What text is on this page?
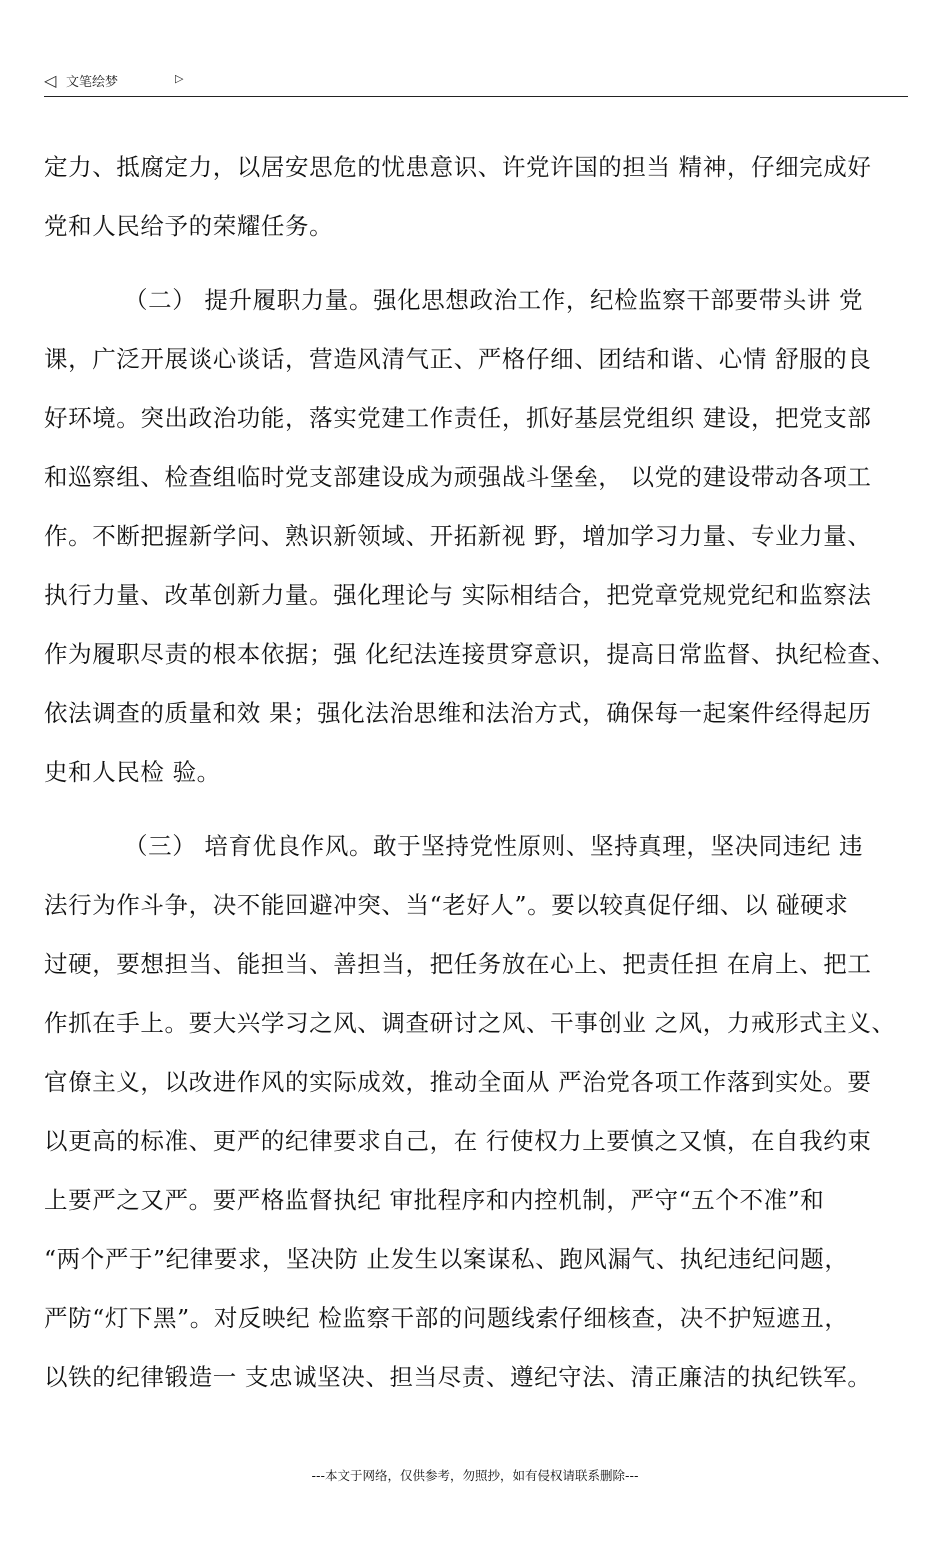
◁ 文笔绘梦	▷

定力、抵腐定力，以居安思危的忧患意识、许党许国的担当 精神，仔细完成好
党和人民给予的荣耀任务。

（二） 提升履职力量。强化思想政治工作，纪检监察干部要带头讲 党
课，广泛开展谈心谈话，营造风清气正、严格仔细、团结和谐、心情 舒服的良
好环境。突出政治功能，落实党建工作责任，抓好基层党组织 建设，把党支部
和巡察组、检查组临时党支部建设成为顽强战斗堡垒， 以党的建设带动各项工
作。不断把握新学问、熟识新领域、开拓新视 野，增加学习力量、专业力量、
执行力量、改革创新力量。强化理论与 实际相结合，把党章党规党纪和监察法
作为履职尽责的根本依据；强 化纪法连接贯穿意识，提高日常监督、执纪检查、
依法调查的质量和效 果；强化法治思维和法治方式，确保每一起案件经得起历
史和人民检 验。

（三） 培育优良作风。敢于坚持党性原则、坚持真理，坚决同违纪 违
法行为作斗争，决不能回避冲突、当“老好人”。要以较真促仔细、以 碰硬求
过硬，要想担当、能担当、善担当，把任务放在心上、把责任担 在肩上、把工
作抓在手上。要大兴学习之风、调查研讨之风、干事创业 之风，力戒形式主义、
官僚主义，以改进作风的实际成效，推动全面从 严治党各项工作落到实处。要
以更高的标准、更严的纪律要求自己，在 行使权力上要慎之又慎，在自我约束
上要严之又严。要严格监督执纪 审批程序和内控机制，严守“五个不准”和
“两个严于”纪律要求，坚决防 止发生以案谋私、跑风漏气、执纪违纪问题，
严防“灯下黑”。对反映纪 检监察干部的问题线索仔细核查，决不护短遮丑，
以铁的纪律锻造一 支忠诚坚决、担当尽责、遵纪守法、清正廉洁的执纪铁军。

---本文于网络，仅供参考，勿照抄，如有侵权请联系删除---
